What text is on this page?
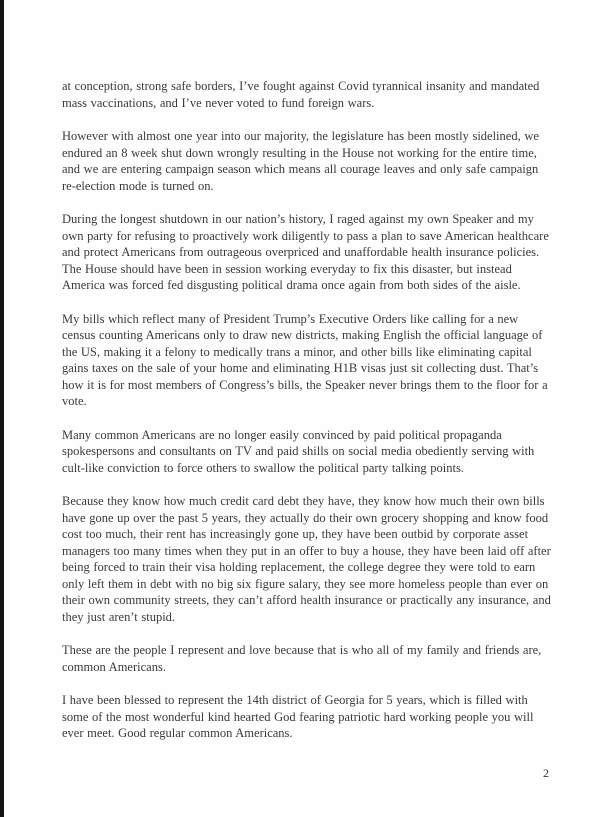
at conception, strong safe borders, I’ve fought against Covid tyrannical insanity and mandated mass vaccinations, and I’ve never voted to fund foreign wars.

However with almost one year into our majority, the legislature has been mostly sidelined, we endured an 8 week shut down wrongly resulting in the House not working for the entire time, and we are entering campaign season which means all courage leaves and only safe campaign re-election mode is turned on.

During the longest shutdown in our nation’s history, I raged against my own Speaker and my own party for refusing to proactively work diligently to pass a plan to save American healthcare and protect Americans from outrageous overpriced and unaffordable health insurance policies. The House should have been in session working everyday to fix this disaster, but instead America was forced fed disgusting political drama once again from both sides of the aisle.

My bills which reflect many of President Trump’s Executive Orders like calling for a new census counting Americans only to draw new districts, making English the official language of the US, making it a felony to medically trans a minor, and other bills like eliminating capital gains taxes on the sale of your home and eliminating H1B visas just sit collecting dust. That’s how it is for most members of Congress’s bills, the Speaker never brings them to the floor for a vote.

Many common Americans are no longer easily convinced by paid political propaganda spokespersons and consultants on TV and paid shills on social media obediently serving with cult-like conviction to force others to swallow the political party talking points.

Because they know how much credit card debt they have, they know how much their own bills have gone up over the past 5 years, they actually do their own grocery shopping and know food cost too much, their rent has increasingly gone up, they have been outbid by corporate asset managers too many times when they put in an offer to buy a house, they have been laid off after being forced to train their visa holding replacement, the college degree they were told to earn only left them in debt with no big six figure salary, they see more homeless people than ever on their own community streets, they can’t afford health insurance or practically any insurance, and they just aren’t stupid.

These are the people I represent and love because that is who all of my family and friends are, common Americans.

I have been blessed to represent the 14th district of Georgia for 5 years, which is filled with some of the most wonderful kind hearted God fearing patriotic hard working people you will ever meet. Good regular common Americans.

2
